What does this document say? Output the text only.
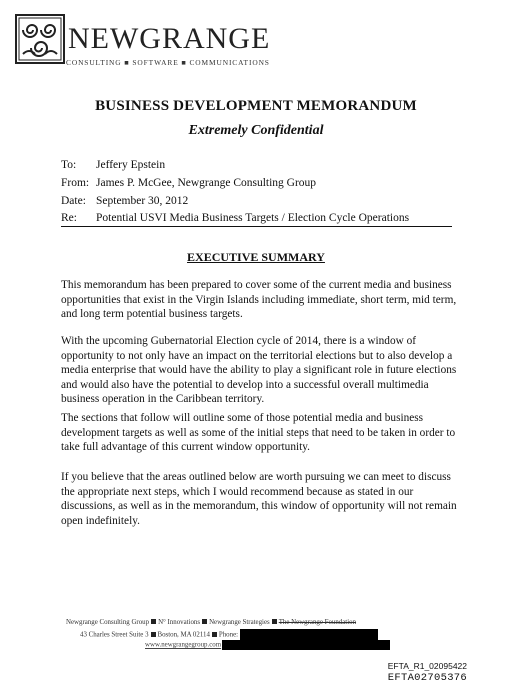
NEWGRANGE
CONSULTING ■ SOFTWARE ■ COMMUNICATIONS
BUSINESS DEVELOPMENT MEMORANDUM
Extremely Confidential
To: Jeffery Epstein
From: James P. McGee, Newgrange Consulting Group
Date: September 30, 2012
Re: Potential USVI Media Business Targets / Election Cycle Operations
EXECUTIVE SUMMARY

This memorandum has been prepared to cover some of the current media and business opportunities that exist in the Virgin Islands including immediate, short term, mid term, and long term potential business targets.

With the upcoming Gubernatorial Election cycle of 2014, there is a window of opportunity to not only have an impact on the territorial elections but to also develop a media enterprise that would have the ability to play a significant role in future elections and would also have the potential to develop into a successful overall multimedia business operation in the Caribbean territory.

The sections that follow will outline some of those potential media and business development targets as well as some of the initial steps that need to be taken in order to take full advantage of this current window opportunity.

If you believe that the areas outlined below are worth pursuing we can meet to discuss the appropriate next steps, which I would recommend because as stated in our discussions, as well as in the memorandum, this window of opportunity will not remain open indefinitely.

Newgrange Consulting Group N° Innovations Newgrange Strategies The Newgrange Foundation
43 Charles Street Suite 3 Boston, MA 02114 Phone:
www.newgrangegroup.com
EFTA_R1_02095422
EFTA02705376
